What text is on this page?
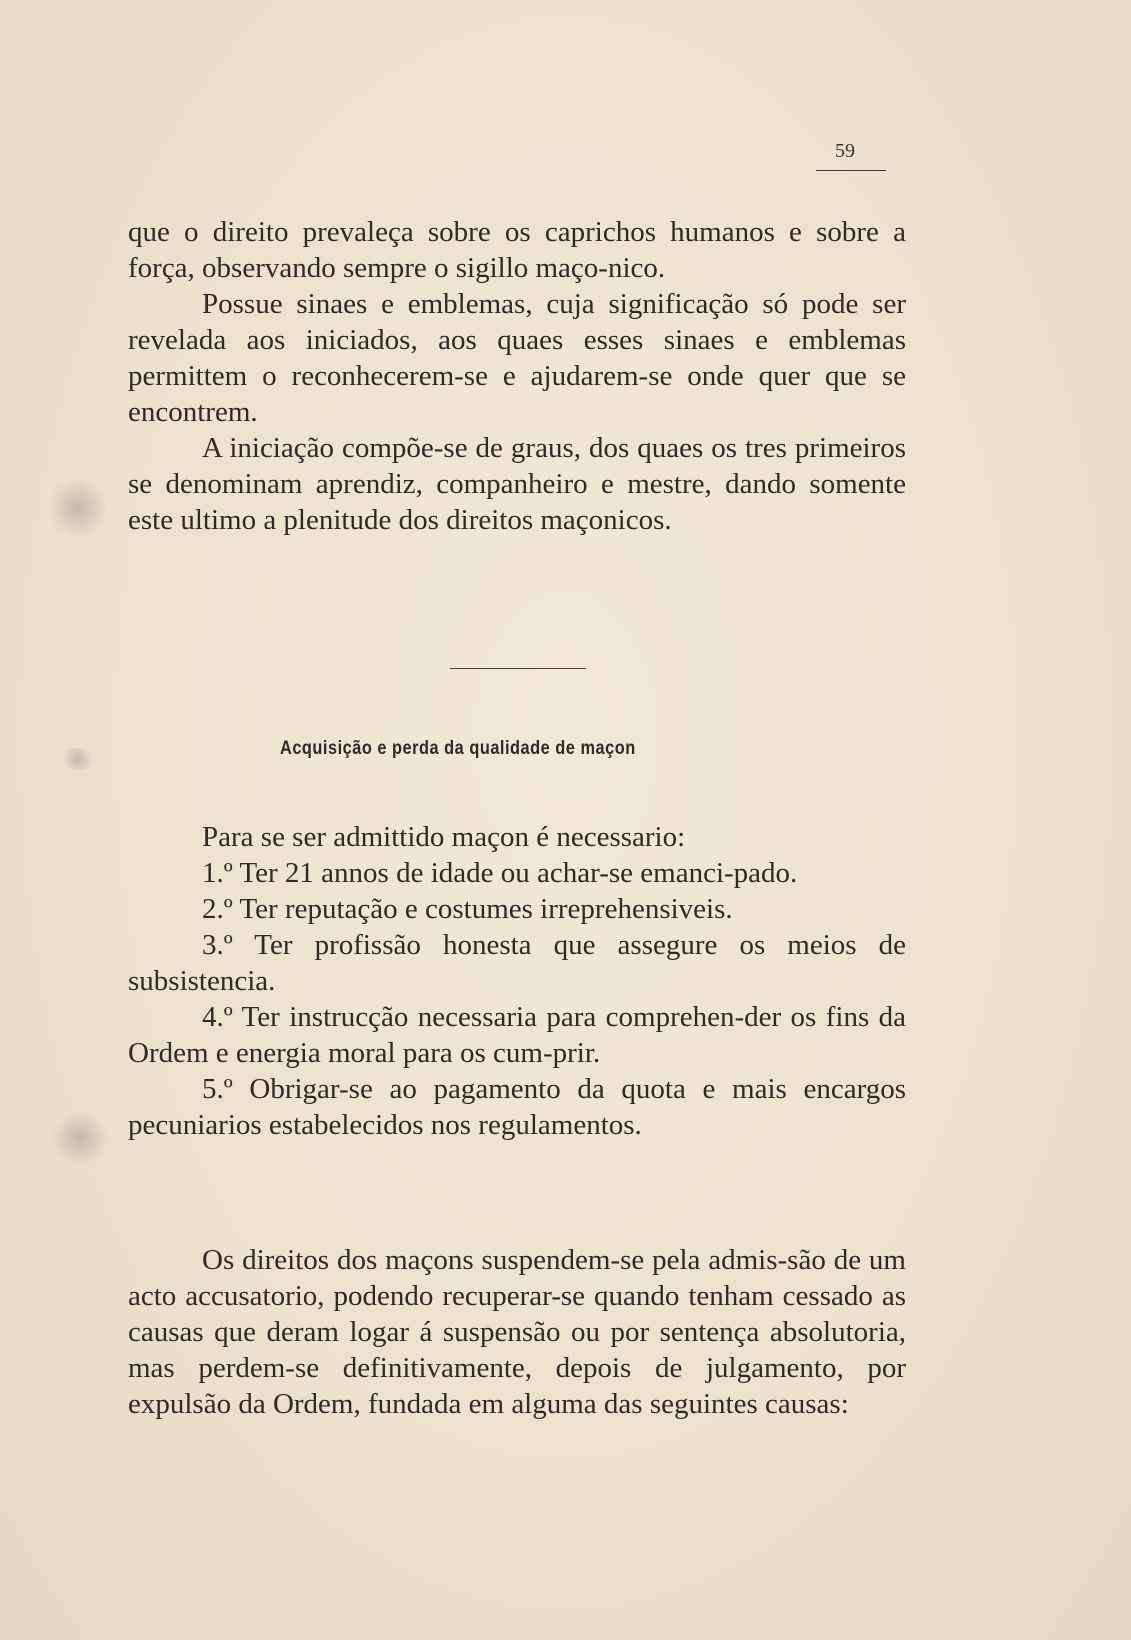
59

que o direito prevaleça sobre os caprichos humanos e sobre a força, observando sempre o sigillo maço-nico.

Possue sinaes e emblemas, cuja significação só pode ser revelada aos iniciados, aos quaes esses sinaes e emblemas permittem o reconhecerem-se e ajudarem-se onde quer que se encontrem.

A iniciação compõe-se de graus, dos quaes os tres primeiros se denominam aprendiz, companheiro e mestre, dando somente este ultimo a plenitude dos direitos maçonicos.

Acquisição e perda da qualidade de maçon

Para se ser admittido maçon é necessario:

1.º Ter 21 annos de idade ou achar-se emanci-pado.

2.º Ter reputação e costumes irreprehensiveis.

3.º Ter profissão honesta que assegure os meios de subsistencia.

4.º Ter instrucção necessaria para comprehen-der os fins da Ordem e energia moral para os cum-prir.

5.º Obrigar-se ao pagamento da quota e mais encargos pecuniarios estabelecidos nos regulamentos.

Os direitos dos maçons suspendem-se pela admis-são de um acto accusatorio, podendo recuperar-se quando tenham cessado as causas que deram logar á suspensão ou por sentença absolutoria, mas perdem-se definitivamente, depois de julgamento, por expulsão da Ordem, fundada em alguma das seguintes causas:
